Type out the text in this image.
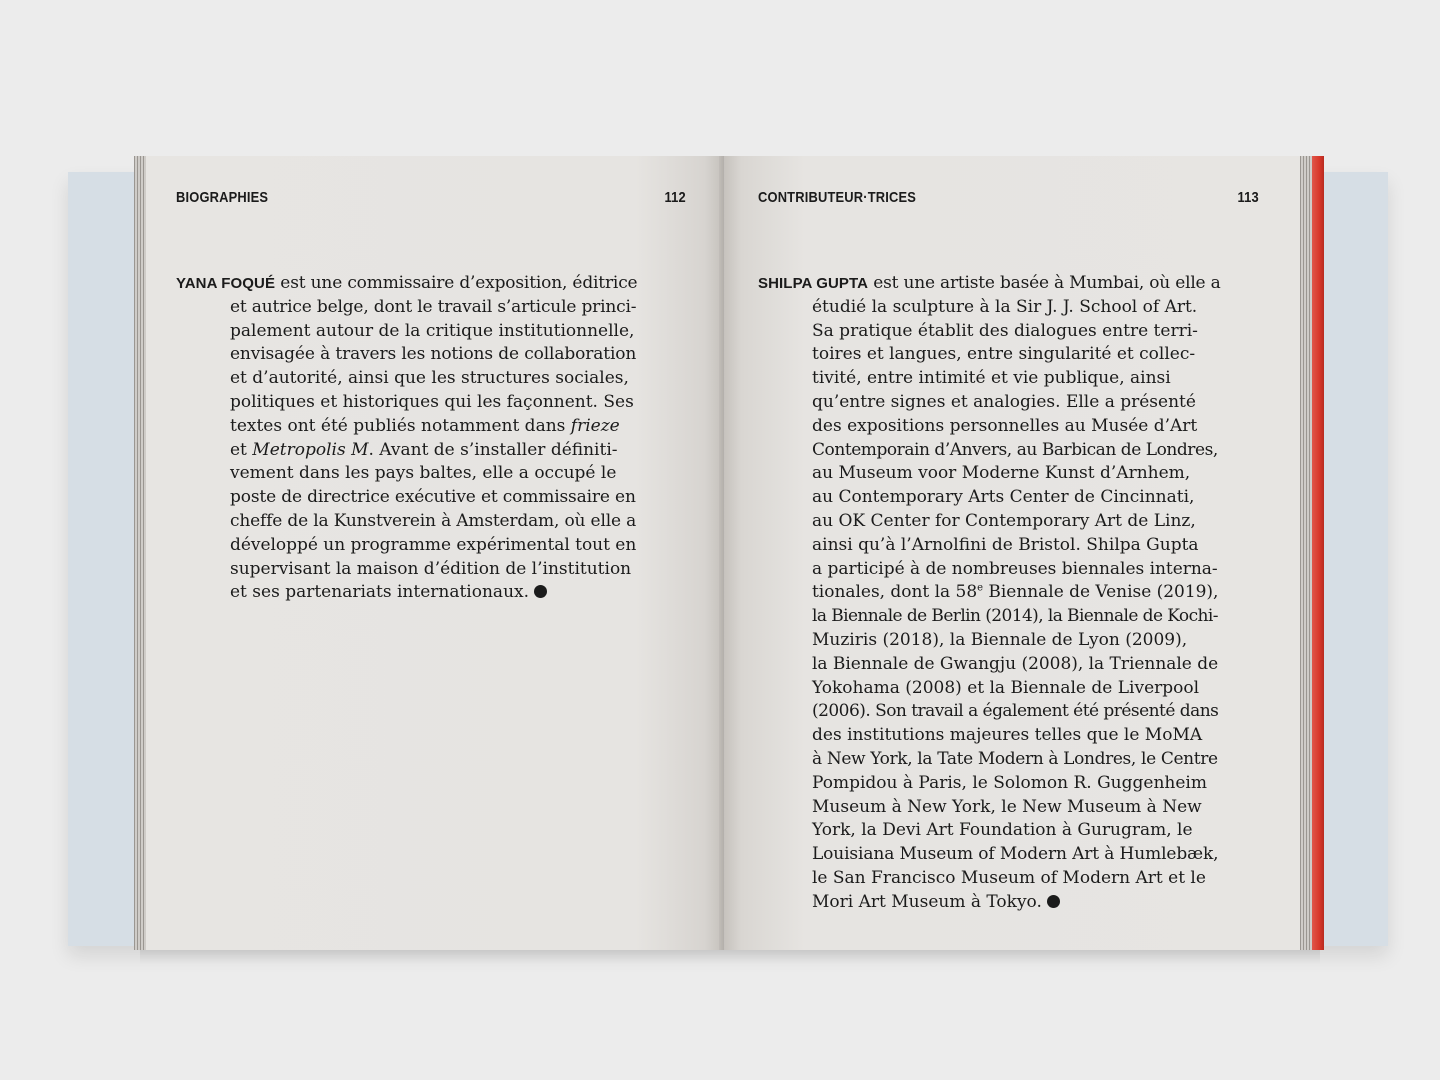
BIOGRAPHIES	112
YANA FOQUÉ est une commissaire d’exposition, éditrice
et autrice belge, dont le travail s’articule princi-
palement autour de la critique institutionnelle,
envisagée à travers les notions de collaboration
et d’autorité, ainsi que les structures sociales,
politiques et historiques qui les façonnent. Ses
textes ont été publiés notamment dans frieze
et Metropolis M. Avant de s’installer définiti-
vement dans les pays baltes, elle a occupé le
poste de directrice exécutive et commissaire en
cheffe de la Kunstverein à Amsterdam, où elle a
développé un programme expérimental tout en
supervisant la maison d’édition de l’institution
et ses partenariats internationaux.
CONTRIBUTEUR·TRICES	113
SHILPA GUPTA est une artiste basée à Mumbai, où elle a
étudié la sculpture à la Sir J. J. School of Art.
Sa pratique établit des dialogues entre terri-
toires et langues, entre singularité et collec-
tivité, entre intimité et vie publique, ainsi
qu’entre signes et analogies. Elle a présenté
des expositions personnelles au Musée d’Art
Contemporain d’Anvers, au Barbican de Londres,
au Museum voor Moderne Kunst d’Arnhem,
au Contemporary Arts Center de Cincinnati,
au OK Center for Contemporary Art de Linz,
ainsi qu’à l’Arnolfini de Bristol. Shilpa Gupta
a participé à de nombreuses biennales interna-
tionales, dont la 58e Biennale de Venise (2019),
la Biennale de Berlin (2014), la Biennale de Kochi-
Muziris (2018), la Biennale de Lyon (2009),
la Biennale de Gwangju (2008), la Triennale de
Yokohama (2008) et la Biennale de Liverpool
(2006). Son travail a également été présenté dans
des institutions majeures telles que le MoMA
à New York, la Tate Modern à Londres, le Centre
Pompidou à Paris, le Solomon R. Guggenheim
Museum à New York, le New Museum à New
York, la Devi Art Foundation à Gurugram, le
Louisiana Museum of Modern Art à Humlebæk,
le San Francisco Museum of Modern Art et le
Mori Art Museum à Tokyo.
